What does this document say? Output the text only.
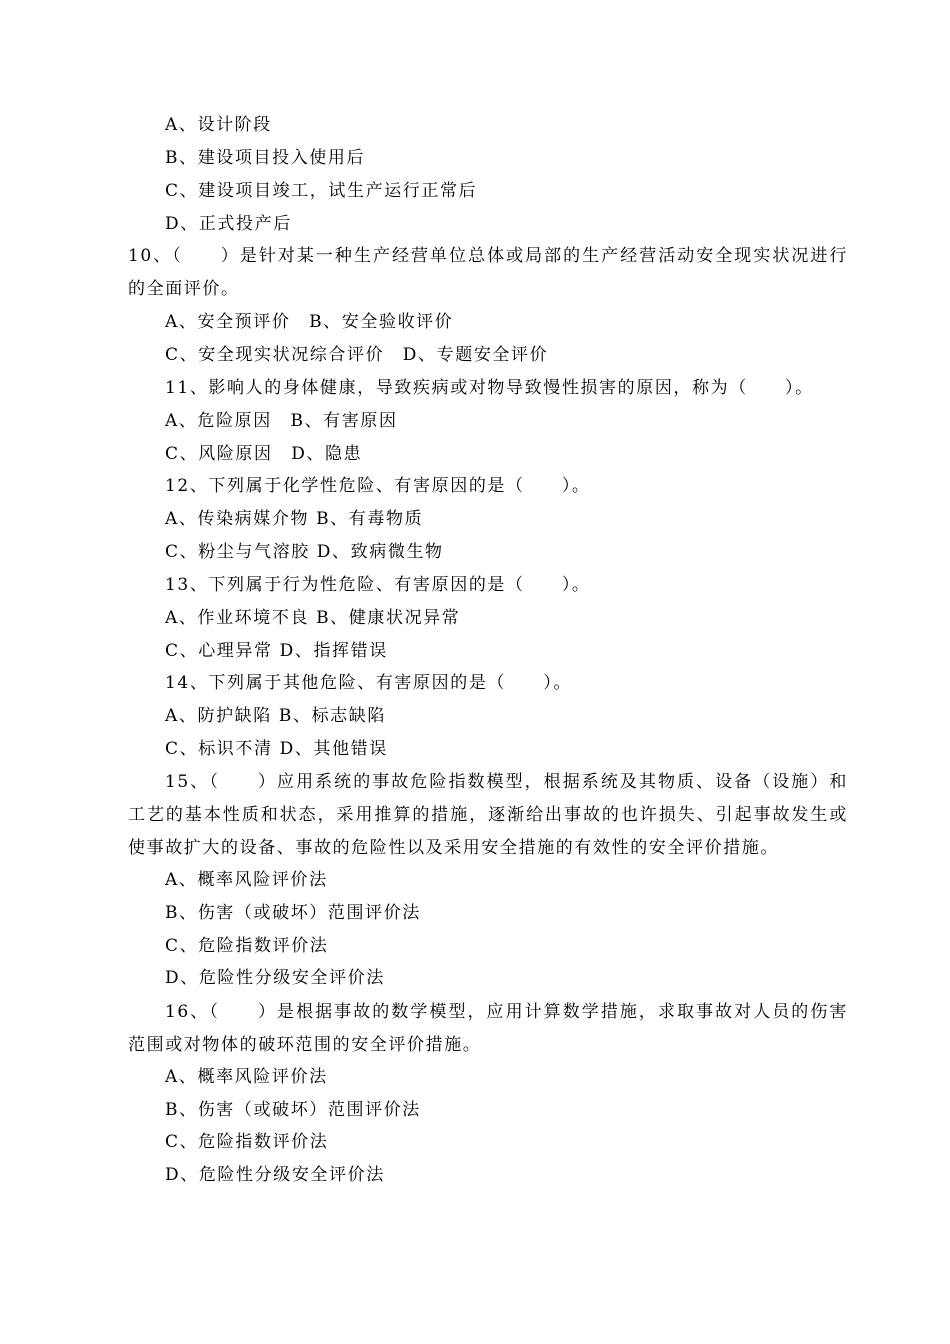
A、设计阶段
B、建设项目投入使用后
C、建设项目竣工，试生产运行正常后
D、正式投产后
10、（　　）是针对某一种生产经营单位总体或局部的生产经营活动安全现实状况进行的全面评价。
A、安全预评价　B、安全验收评价
C、安全现实状况综合评价　D、专题安全评价
11、影响人的身体健康，导致疾病或对物导致慢性损害的原因，称为（　　）。
A、危险原因　B、有害原因
C、风险原因　D、隐患
12、下列属于化学性危险、有害原因的是（　　）。
A、传染病媒介物 B、有毒物质
C、粉尘与气溶胶 D、致病微生物
13、下列属于行为性危险、有害原因的是（　　）。
A、作业环境不良 B、健康状况异常
C、心理异常 D、指挥错误
14、下列属于其他危险、有害原因的是（　　）。
A、防护缺陷 B、标志缺陷
C、标识不清 D、其他错误
15、（　　）应用系统的事故危险指数模型，根据系统及其物质、设备（设施）和工艺的基本性质和状态，采用推算的措施，逐渐给出事故的也许损失、引起事故发生或使事故扩大的设备、事故的危险性以及采用安全措施的有效性的安全评价措施。
A、概率风险评价法
B、伤害（或破坏）范围评价法
C、危险指数评价法
D、危险性分级安全评价法
16、（　　）是根据事故的数学模型，应用计算数学措施，求取事故对人员的伤害范围或对物体的破环范围的安全评价措施。
A、概率风险评价法
B、伤害（或破坏）范围评价法
C、危险指数评价法
D、危险性分级安全评价法
